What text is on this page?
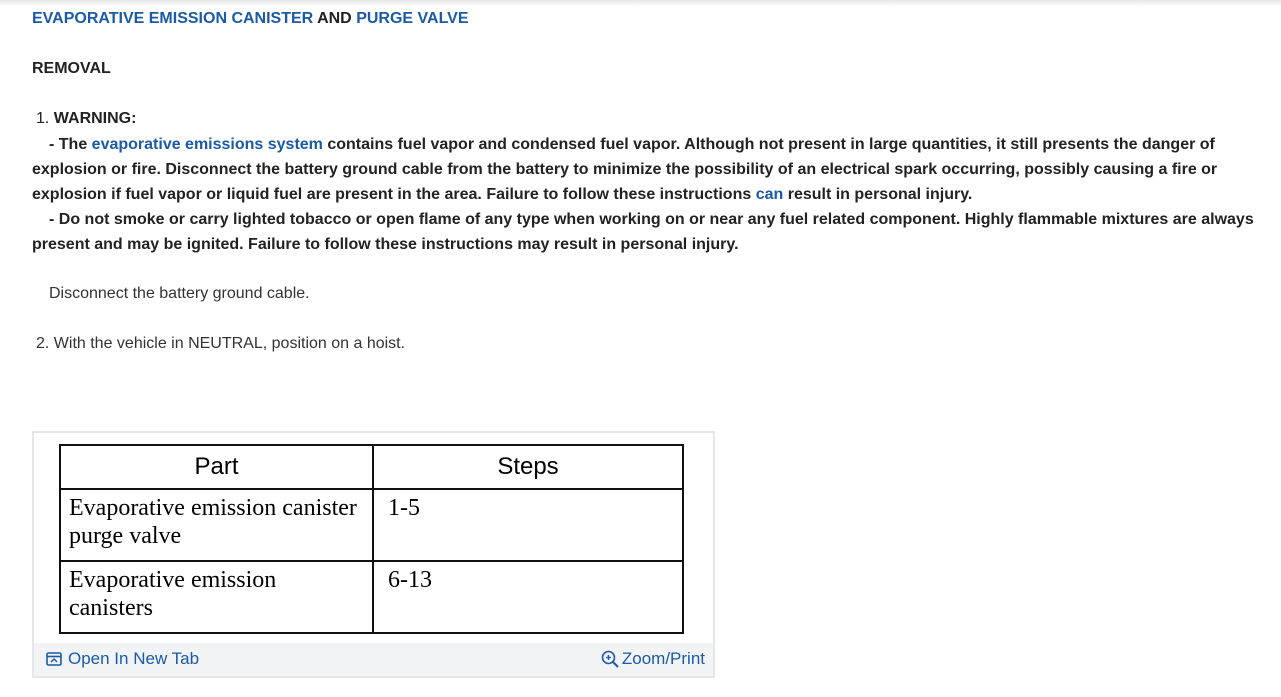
EVAPORATIVE EMISSION CANISTER AND PURGE VALVE
REMOVAL
1. WARNING:
- The evaporative emissions system contains fuel vapor and condensed fuel vapor. Although not present in large quantities, it still presents the danger of explosion or fire. Disconnect the battery ground cable from the battery to minimize the possibility of an electrical spark occurring, possibly causing a fire or explosion if fuel vapor or liquid fuel are present in the area. Failure to follow these instructions can result in personal injury.
- Do not smoke or carry lighted tobacco or open flame of any type when working on or near any fuel related component. Highly flammable mixtures are always present and may be ignited. Failure to follow these instructions may result in personal injury.
Disconnect the battery ground cable.
2. With the vehicle in NEUTRAL, position on a hoist.
Part	Steps
Evaporative emission canister purge valve	1-5
Evaporative emission canisters	6-13
Open In New Tab	Zoom/Print
